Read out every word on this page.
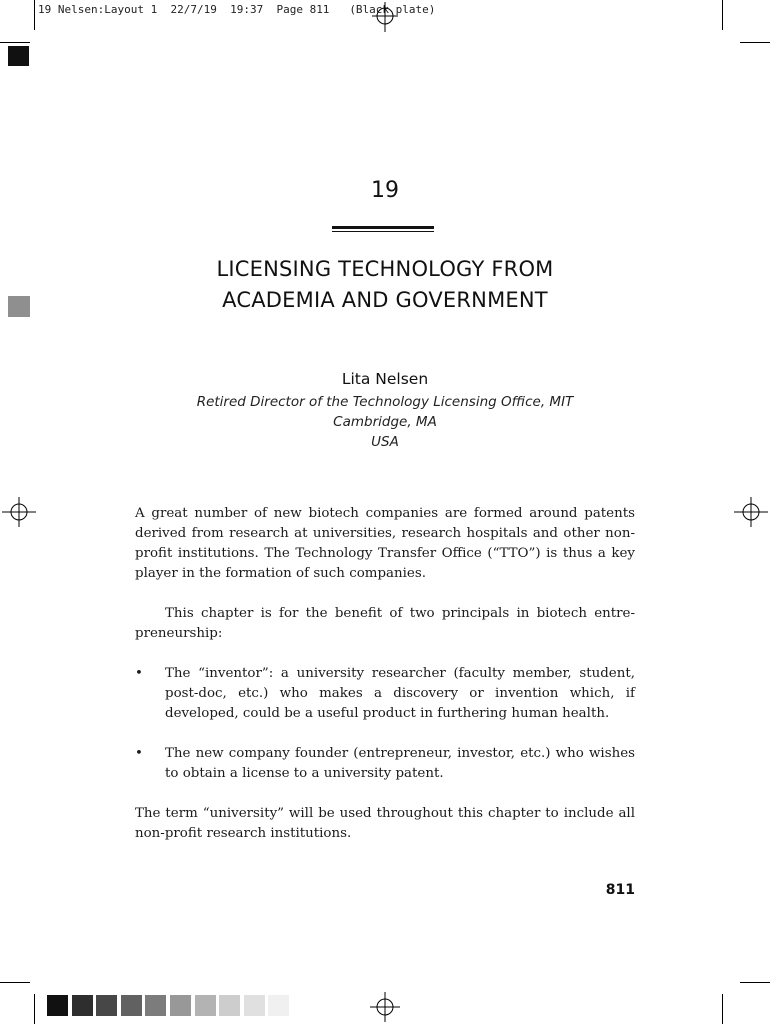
19 Nelsen:Layout 1 22/7/19 19:37 Page 811 (Black plate)
19
LICENSING TECHNOLOGY FROM
ACADEMIA AND GOVERNMENT
Lita Nelsen
Retired Director of the Technology Licensing Office, MIT
Cambridge, MA
USA

A great number of new biotech companies are formed around patents derived from research at universities, research hospitals and other non-profit institutions. The Technology Transfer Office (“TTO”) is thus a key player in the formation of such companies.

This chapter is for the benefit of two principals in biotech entrepreneurship:

• The “inventor”: a university researcher (faculty member, student, post-doc, etc.) who makes a discovery or invention which, if developed, could be a useful product in furthering human health.
• The new company founder (entrepreneur, investor, etc.) who wishes to obtain a license to a university patent.

The term “university” will be used throughout this chapter to include all non-profit research institutions.

811
